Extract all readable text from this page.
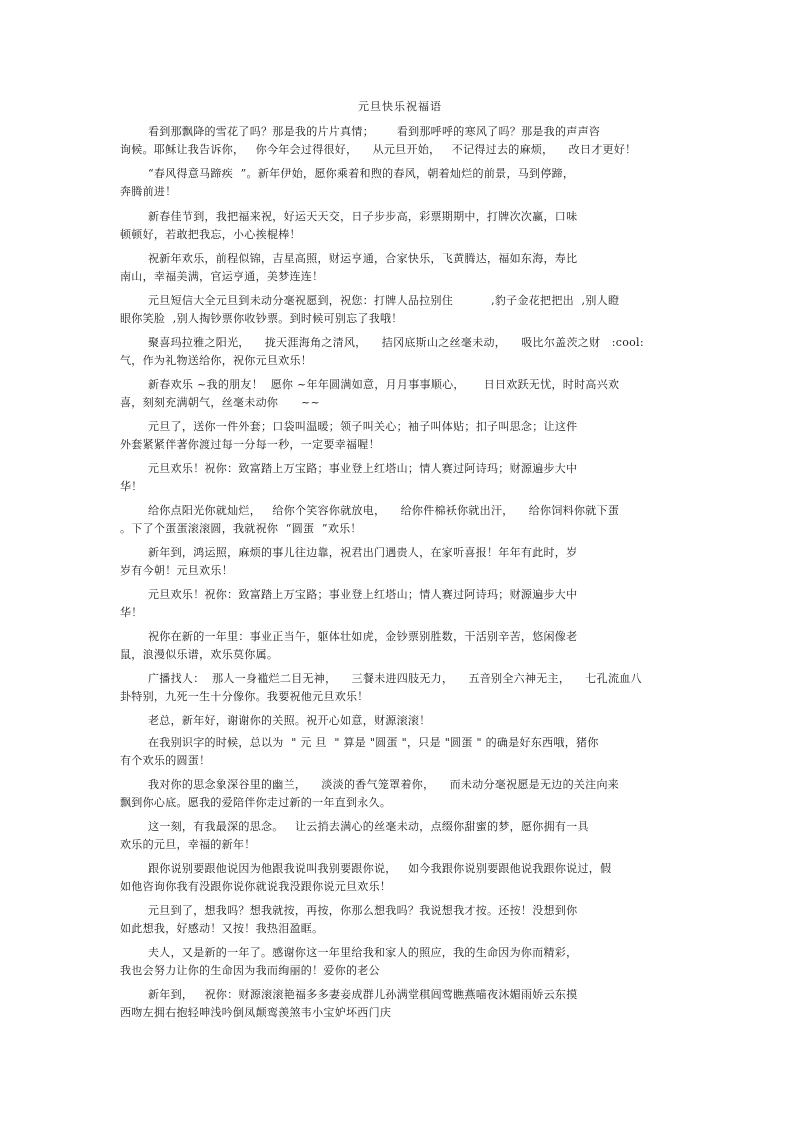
元旦快乐祝福语
看到那飘降的雪花了吗？那是我的片片真情；      看到那呼呼的寒风了吗？那是我的声声咨
询候。耶稣让我告诉你，   你今年会过得很好，    从元旦开始，   不记得过去的麻烦，    改日才更好！
“春风得意马蹄疾  ”。新年伊始，愿你乘着和煦的春风，朝着灿烂的前景，马到停蹄，
奔腾前进！
新春佳节到，我把福来祝，好运天天交，日子步步高，彩票期期中，打牌次次赢，口味
顿顿好，若敢把我忘，小心挨棍棒！
祝新年欢乐，前程似锦，吉星高照，财运亨通，合家快乐，飞黄腾达，福如东海，寿比
南山，幸福美满，官运亨通，美梦连连！
元旦短信大全元旦到未动分毫祝愿到，祝您：打牌人品拉别住          ,豹子金花把把出  ,别人瞪
眼你笑脸  ,别人掏钞票你收钞票。到时候可别忘了我哦！
聚喜玛拉雅之阳光，    拢天涯海角之清风，    拮冈底斯山之丝毫未动，    吸比尔盖茨之财   :cool:
气，作为礼物送给你，祝你元旦欢乐！
新春欢乐 ~我的朋友！  愿你 ~年年圆满如意，月月事事顺心，     日日欢跃无忧，时时高兴欢
喜，刻刻充满朝气，丝毫未动你      ~~
元旦了，送你一件外套；口袋叫温暖；领子叫关心；袖子叫体贴；扣子叫思念；让这件
外套紧紧伴著你渡过每一分每一秒，一定要幸福喔！
元旦欢乐！祝你：致富踏上万宝路；事业登上红塔山；情人赛过阿诗玛；财源遍步大中
华！
给你点阳光你就灿烂，   给你个笑容你就放电，    给你件棉袄你就出汗，    给你饲料你就下蛋
。下了个蛋蛋滚滚圆，我就祝你  “圆蛋  ”欢乐！
新年到，鸿运照，麻烦的事儿往边靠，祝君出门遇贵人，在家听喜报！年年有此时，岁
岁有今朝！元旦欢乐！
元旦欢乐！祝你：致富踏上万宝路；事业登上红塔山；情人赛过阿诗玛；财源遍步大中
华！
祝你在新的一年里：事业正当午，躯体壮如虎，金钞票别胜数，干活别辛苦，悠闲像老
鼠，浪漫似乐谱，欢乐莫你属。
广播找人：  那人一身褴烂二目无神，    三餐未进四肢无力，    五音别全六神无主，    七孔流血八
卦特别，九死一生十分像你。我要祝他元旦欢乐！
老总，新年好，谢谢你的关照。祝开心如意，财源滚滚！
在我别识字的时候，总以为  " 元 旦  " 算是 "圆蛋 "，只是 "圆蛋 " 的确是好东西哦，猪你
有个欢乐的圆蛋！
我对你的思念象深谷里的幽兰，    淡淡的香气笼罩着你，    而未动分毫祝愿是无边的关注向来
飘到你心底。愿我的爱陪伴你走过新的一年直到永久。
这一刻，有我最深的思念。   让云捎去满心的丝毫未动，点缀你甜蜜的梦，愿你拥有一具
欢乐的元旦，幸福的新年！
跟你说别要跟他说因为他跟我说叫我别要跟你说，   如今我跟你说别要跟他说我跟你说过，假
如他咨询你我有没跟你说你就说我没跟你说元旦欢乐！
元旦到了，想我吗？想我就按，再按，你那么想我吗？我说想我才按。还按！没想到你
如此想我，好感动！又按！我热泪盈眶。
夫人，又是新的一年了。感谢你这一年里给我和家人的照应，我的生命因为你而精彩，
我也会努力让你的生命因为我而绚丽的！爱你的老公
新年到，   祝你：财源滚滚艳福多多妻妾成群儿孙满堂稘闾莺瞧燕喵夜沐媚雨娇云东摸
西吻左拥右抱轻呻浅吟倒凤颠鸾羡煞韦小宝妒坏西门庆
